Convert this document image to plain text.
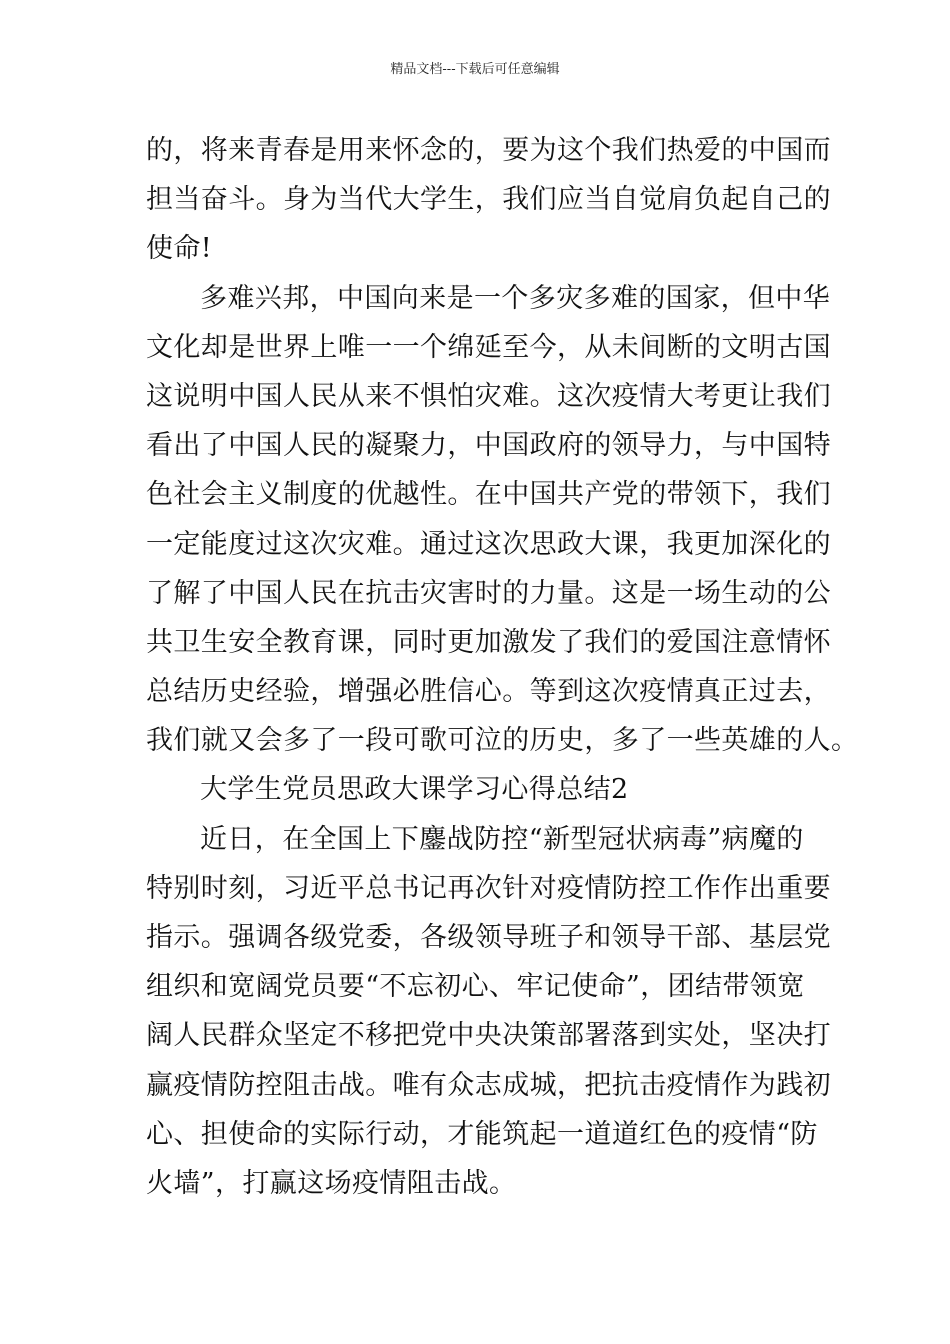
精品文档---下载后可任意编辑
的，将来青春是用来怀念的，要为这个我们热爱的中国而
担当奋斗。身为当代大学生，我们应当自觉肩负起自己的
使命!
多难兴邦，中国向来是一个多灾多难的国家，但中华
文化却是世界上唯一一个绵延至今，从未间断的文明古国
这说明中国人民从来不惧怕灾难。这次疫情大考更让我们
看出了中国人民的凝聚力，中国政府的领导力，与中国特
色社会主义制度的优越性。在中国共产党的带领下，我们
一定能度过这次灾难。通过这次思政大课，我更加深化的
了解了中国人民在抗击灾害时的力量。这是一场生动的公
共卫生安全教育课，同时更加激发了我们的爱国注意情怀
总结历史经验，增强必胜信心。等到这次疫情真正过去，
我们就又会多了一段可歌可泣的历史，多了一些英雄的人。
大学生党员思政大课学习心得总结2
近日，在全国上下鏖战防控“新型冠状病毒”病魔的
特别时刻，习近平总书记再次针对疫情防控工作作出重要
指示。强调各级党委，各级领导班子和领导干部、基层党
组织和宽阔党员要“不忘初心、牢记使命”，团结带领宽
阔人民群众坚定不移把党中央决策部署落到实处，坚决打
赢疫情防控阻击战。唯有众志成城，把抗击疫情作为践初
心、担使命的实际行动，才能筑起一道道红色的疫情“防
火墙”，打赢这场疫情阻击战。
